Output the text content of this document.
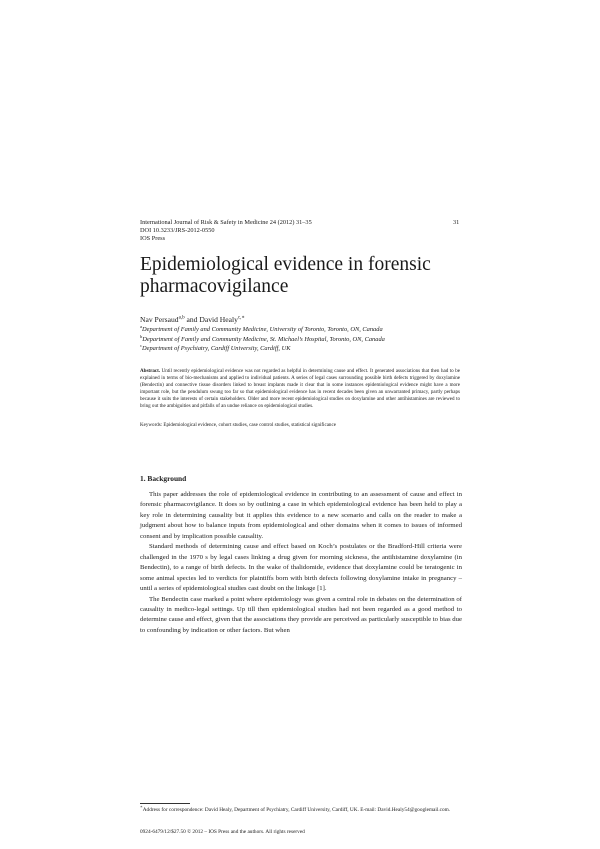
International Journal of Risk & Safety in Medicine 24 (2012) 31–35
DOI 10.3233/JRS-2012-0550
IOS Press
31
Epidemiological evidence in forensic
pharmacovigilance
Nav Persaud$^{a,b}$ and David Healy$^{c,∗}$
$^a$Department of Family and Community Medicine, University of Toronto, Toronto, ON, Canada
$^b$Department of Family and Community Medicine, St. Michael’s Hospital, Toronto, ON, Canada
$^c$Department of Psychiatry, Cardiff University, Cardiff, UK

Abstract. Until recently epidemiological evidence was not regarded as helpful in determining cause and effect. It generated associations that then had to be explained in terms of bio-mechanisms and applied to individual patients. A series of legal cases surrounding possible birth defects triggered by doxylamine (Bendectin) and connective tissue disorders linked to breast implants made it clear that in some instances epidemiological evidence might have a more important role, but the pendulum swung too far so that epidemiological evidence has in recent decades been given an unwarranted primacy, partly perhaps because it suits the interests of certain stakeholders. Older and more recent epidemiological studies on doxylamine and other antihistamines are reviewed to bring out the ambiguities and pitfalls of an undue reliance on epidemiological studies.

Keywords: Epidemiological evidence, cohort studies, case control studies, statistical significance
1. Background

This paper addresses the role of epidemiological evidence in contributing to an assessment of cause and effect in forensic pharmacovigilance. It does so by outlining a case in which epidemiological evidence has been held to play a key role in determining causality but it applies this evidence to a new scenario and calls on the reader to make a judgment about how to balance inputs from epidemiological and other domains when it comes to issues of informed consent and by implication possible causality.

Standard methods of determining cause and effect based on Koch’s postulates or the Bradford-Hill criteria were challenged in the 1970 s by legal cases linking a drug given for morning sickness, the antihistamine doxylamine (in Bendectin), to a range of birth defects. In the wake of thalidomide, evidence that doxylamine could be teratogenic in some animal species led to verdicts for plaintiffs born with birth defects following doxylamine intake in pregnancy – until a series of epidemiological studies cast doubt on the linkage [1].

The Bendectin case marked a point where epidemiology was given a central role in debates on the determination of causality in medico-legal settings. Up till then epidemiological studies had not been regarded as a good method to determine cause and effect, given that the associations they provide are perceived as particularly susceptible to bias due to confounding by indication or other factors. But when

∗Address for correspondence: David Healy, Department of Psychiatry, Cardiff University, Cardiff, UK. E-mail: David.Healy54@googlemail.com.
0924-6479/12/$27.50 © 2012 – IOS Press and the authors. All rights reserved
